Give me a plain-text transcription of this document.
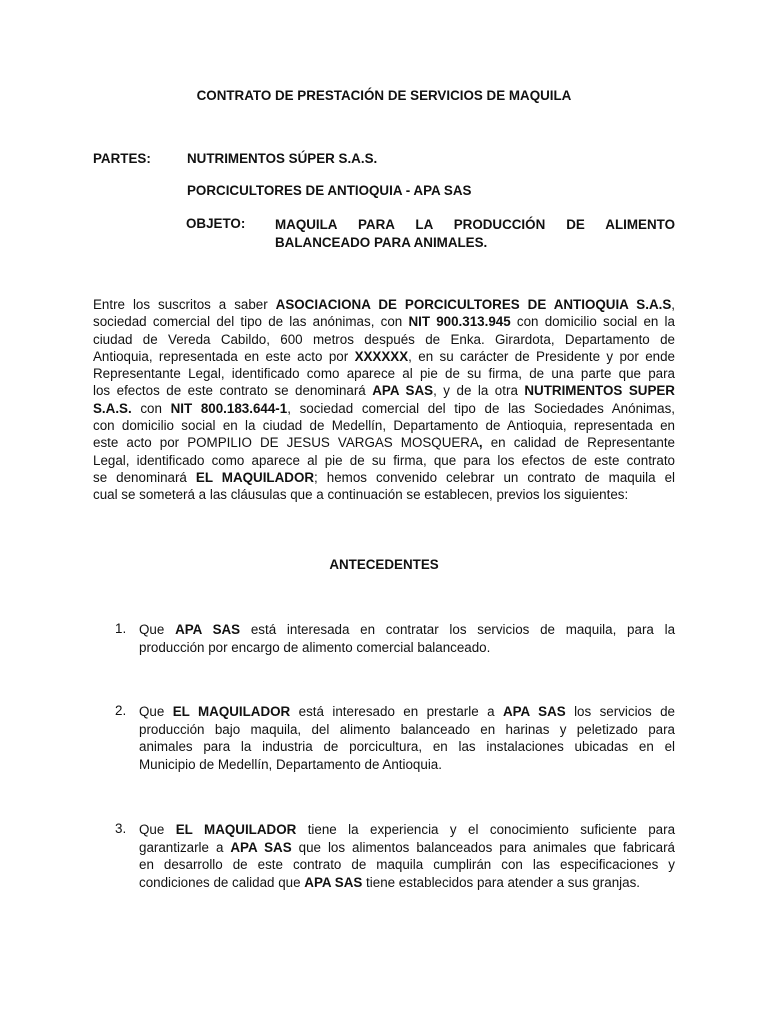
CONTRATO DE PRESTACIÓN DE SERVICIOS DE MAQUILA
PARTES:	NUTRIMENTOS SÚPER S.A.S.
PORCICULTORES DE ANTIOQUIA - APA SAS
OBJETO: MAQUILA PARA LA PRODUCCIÓN DE ALIMENTO
BALANCEADO PARA ANIMALES.
Entre los suscritos a saber ASOCIACIONA DE PORCICULTORES DE ANTIOQUIA S.A.S,
sociedad comercial del tipo de las anónimas, con NIT 900.313.945 con domicilio social en la
ciudad de Vereda Cabildo, 600 metros después de Enka. Girardota, Departamento de
Antioquia, representada en este acto por XXXXXX, en su carácter de Presidente y por ende
Representante Legal, identificado como aparece al pie de su firma, de una parte que para
los efectos de este contrato se denominará APA SAS, y de la otra NUTRIMENTOS SUPER
S.A.S. con NIT 800.183.644-1, sociedad comercial del tipo de las Sociedades Anónimas,
con domicilio social en la ciudad de Medellín, Departamento de Antioquia, representada en
este acto por POMPILIO DE JESUS VARGAS MOSQUERA, en calidad de Representante
Legal, identificado como aparece al pie de su firma, que para los efectos de este contrato
se denominará EL MAQUILADOR; hemos convenido celebrar un contrato de maquila el
cual se someterá a las cláusulas que a continuación se establecen, previos los siguientes:
ANTECEDENTES
1. Que APA SAS está interesada en contratar los servicios de maquila, para la
producción por encargo de alimento comercial balanceado.
2. Que EL MAQUILADOR está interesado en prestarle a APA SAS los servicios de
producción bajo maquila, del alimento balanceado en harinas y peletizado para
animales para la industria de porcicultura, en las instalaciones ubicadas en el
Municipio de Medellín, Departamento de Antioquia.
3. Que EL MAQUILADOR tiene la experiencia y el conocimiento suficiente para
garantizarle a APA SAS que los alimentos balanceados para animales que fabricará
en desarrollo de este contrato de maquila cumplirán con las especificaciones y
condiciones de calidad que APA SAS tiene establecidos para atender a sus granjas.
